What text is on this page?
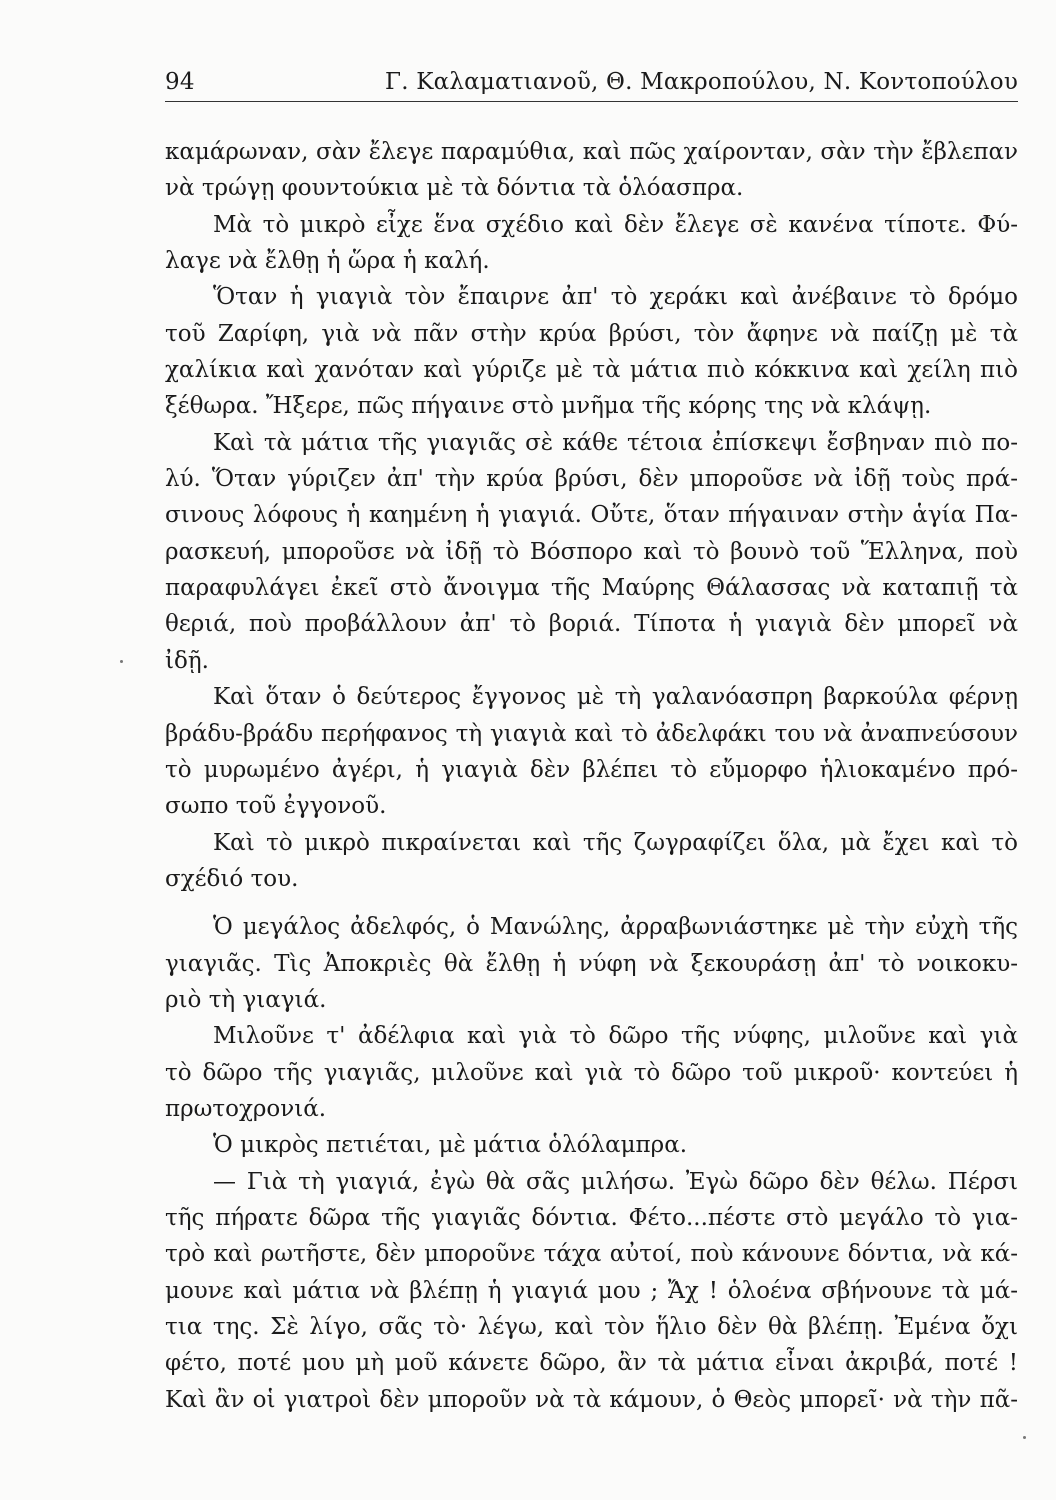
94	Γ. Καλαματιανοῦ, Θ. Μακροπούλου, Ν. Κοντοπούλου
καμάρωναν, σὰν ἔλεγε παραμύθια, καὶ πῶς χαίρονταν, σὰν τὴν ἔβλεπαν
νὰ τρώγῃ φουντούκια μὲ τὰ δόντια τὰ ὁλόασπρα.
Μὰ τὸ μικρὸ εἶχε ἕνα σχέδιο καὶ δὲν ἔλεγε σὲ κανένα τίποτε. Φύ-
λαγε νὰ ἔλθῃ ἡ ὥρα ἡ καλή.
Ὅταν ἡ γιαγιὰ τὸν ἔπαιρνε ἀπ' τὸ χεράκι καὶ ἀνέβαινε τὸ δρόμο
τοῦ Ζαρίφη, γιὰ νὰ πᾶν στὴν κρύα βρύσι, τὸν ἄφηνε νὰ παίζῃ μὲ τὰ
χαλίκια καὶ χανόταν καὶ γύριζε μὲ τὰ μάτια πιὸ κόκκινα καὶ χείλη πιὸ
ξέθωρα. Ἤξερε, πῶς πήγαινε στὸ μνῆμα τῆς κόρης της νὰ κλάψῃ.
Καὶ τὰ μάτια τῆς γιαγιᾶς σὲ κάθε τέτοια ἐπίσκεψι ἔσβηναν πιὸ πο-
λύ. Ὅταν γύριζεν ἀπ' τὴν κρύα βρύσι, δὲν μποροῦσε νὰ ἰδῇ τοὺς πρά-
σινους λόφους ἡ καημένη ἡ γιαγιά. Οὔτε, ὅταν πήγαιναν στὴν ἁγία Πα-
ρασκευή, μποροῦσε νὰ ἰδῇ τὸ Βόσπορο καὶ τὸ βουνὸ τοῦ Ἕλληνα, ποὺ
παραφυλάγει ἐκεῖ στὸ ἄνοιγμα τῆς Μαύρης Θάλασσας νὰ καταπιῇ τὰ
θεριά, ποὺ προβάλλουν ἀπ' τὸ βοριά. Τίποτα ἡ γιαγιὰ δὲν μπορεῖ νὰ
ἰδῇ.
Καὶ ὅταν ὁ δεύτερος ἔγγονος μὲ τὴ γαλανόασπρη βαρκούλα φέρνῃ
βράδυ-βράδυ περήφανος τὴ γιαγιὰ καὶ τὸ ἀδελφάκι του νὰ ἀναπνεύσουν
τὸ μυρωμένο ἀγέρι, ἡ γιαγιὰ δὲν βλέπει τὸ εὔμορφο ἡλιοκαμένο πρό-
σωπο τοῦ ἐγγονοῦ.
Καὶ τὸ μικρὸ πικραίνεται καὶ τῆς ζωγραφίζει ὅλα, μὰ ἔχει καὶ τὸ
σχέδιό του.
Ὁ μεγάλος ἀδελφός, ὁ Μανώλης, ἀρραβωνιάστηκε μὲ τὴν εὐχὴ τῆς
γιαγιᾶς. Τὶς Ἀποκριὲς θὰ ἔλθῃ ἡ νύφη νὰ ξεκουράσῃ ἀπ' τὸ νοικοκυ-
ριὸ τὴ γιαγιά.
Μιλοῦνε τ' ἀδέλφια καὶ γιὰ τὸ δῶρο τῆς νύφης, μιλοῦνε καὶ γιὰ
τὸ δῶρο τῆς γιαγιᾶς, μιλοῦνε καὶ γιὰ τὸ δῶρο τοῦ μικροῦ· κοντεύει ἡ
πρωτοχρονιά.
Ὁ μικρὸς πετιέται, μὲ μάτια ὁλόλαμπρα.
— Γιὰ τὴ γιαγιά, ἐγὼ θὰ σᾶς μιλήσω. Ἐγὼ δῶρο δὲν θέλω. Πέρσι
τῆς πήρατε δῶρα τῆς γιαγιᾶς δόντια. Φέτο...πέστε στὸ μεγάλο τὸ για-
τρὸ καὶ ρωτῆστε, δὲν μποροῦνε τάχα αὐτοί, ποὺ κάνουνε δόντια, νὰ κά-
μουνε καὶ μάτια νὰ βλέπῃ ἡ γιαγιά μου ; Ἄχ ! ὁλοένα σβήνουνε τὰ μά-
τια της. Σὲ λίγο, σᾶς τὸ· λέγω, καὶ τὸν ἥλιο δὲν θὰ βλέπῃ. Ἐμένα ὄχι
φέτο, ποτέ μου μὴ μοῦ κάνετε δῶρο, ἂν τὰ μάτια εἶναι ἀκριβά, ποτέ !
Καὶ ἂν οἱ γιατροὶ δὲν μποροῦν νὰ τὰ κάμουν, ὁ Θεὸς μπορεῖ· νὰ τὴν πᾶ-
